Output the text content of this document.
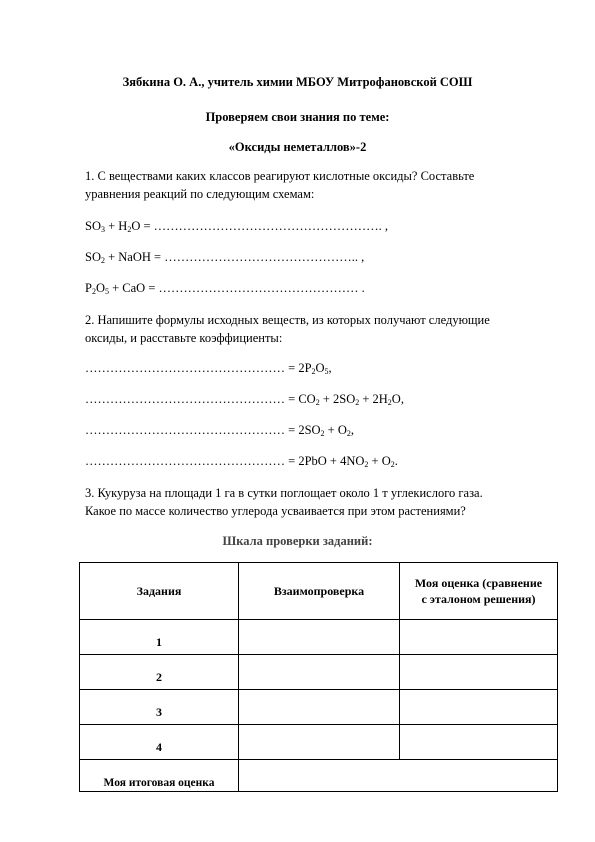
Зябкина О. А., учитель химии МБОУ Митрофановской СОШ
Проверяем свои знания по теме:
«Оксиды неметаллов»-2
1. С веществами каких классов реагируют кислотные оксиды? Составьте
уравнения реакций по следующим схемам:
$SO_3 + H_2O$ = ………………………………………………. ,
$SO_2$ + NaOH = ……………………………………….. ,
$P_2O_5$ + CaO = ………………………………………… .
2. Напишите формулы исходных веществ, из которых получают следующие
оксиды, и расставьте коэффициенты:
………………………………………… = $2P_2O_5$,
………………………………………… = $CO_2 + 2SO_2 + 2H_2O$,
………………………………………… = $2SO_2 + O_2$,
………………………………………… = $2PbO + 4NO_2 + O_2$.
3. Кукуруза на площади 1 га в сутки поглощает около 1 т углекислого газа.
Какое по массе количество углерода усваивается при этом растениями?
Шкала проверки заданий:
Задания	Взаимопроверка	Моя оценка (сравнение
с эталоном решения)
1		
2		
3		
4		
Моя итоговая оценка		
